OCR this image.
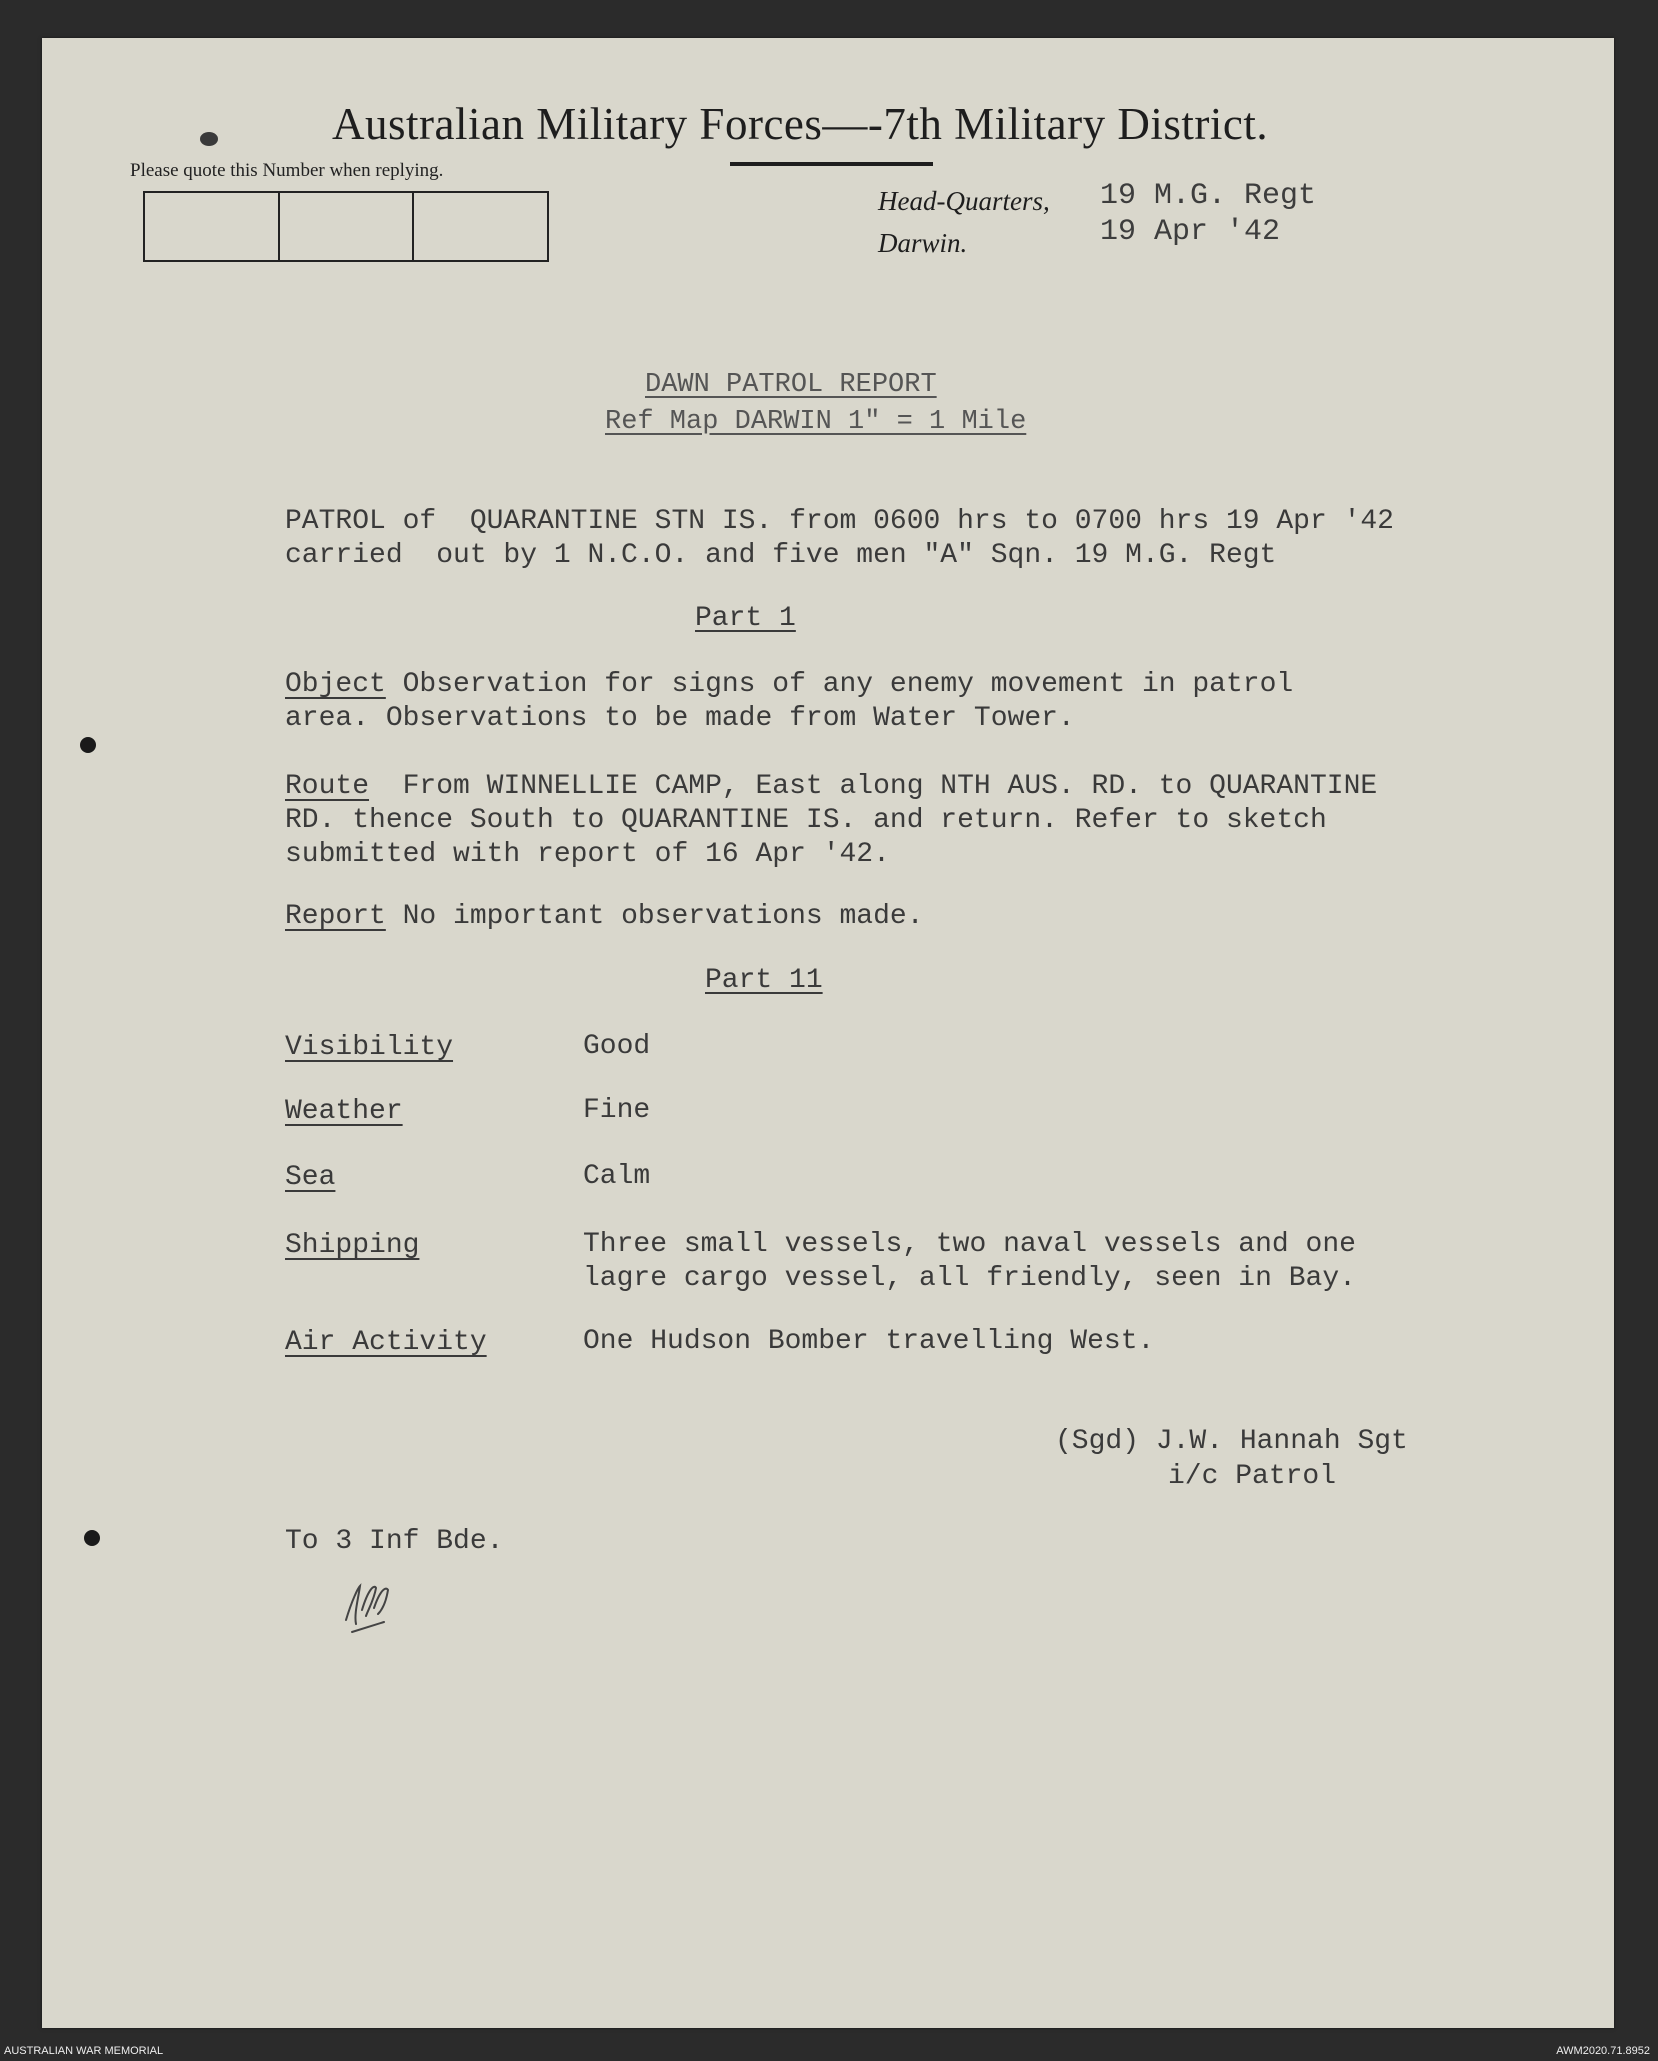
Australian Military Forces—-7th Military District.
Please quote this Number when replying.
Head-Quarters,
Darwin.
19 M.G. Regt
19 Apr '42
DAWN PATROL REPORT
Ref Map DARWIN 1" = 1 Mile
PATROL of  QUARANTINE STN IS. from 0600 hrs to 0700 hrs 19 Apr '42
carried  out by 1 N.C.O. and five men "A" Sqn. 19 M.G. Regt
Part 1
Object Observation for signs of any enemy movement in patrol
area. Observations to be made from Water Tower.
Route  From WINNELLIE CAMP, East along NTH AUS. RD. to QUARANTINE
RD. thence South to QUARANTINE IS. and return. Refer to sketch
submitted with report of 16 Apr '42.
Report No important observations made.
Part 11
Visibility	Good
Weather	Fine
Sea	Calm
Shipping	Three small vessels, two naval vessels and one
lagre cargo vessel, all friendly, seen in Bay.
Air Activity	One Hudson Bomber travelling West.
(Sgd) J.W. Hannah Sgt
i/c Patrol
To 3 Inf Bde.
AUSTRALIAN WAR MEMORIAL	AWM2020.71.8952
